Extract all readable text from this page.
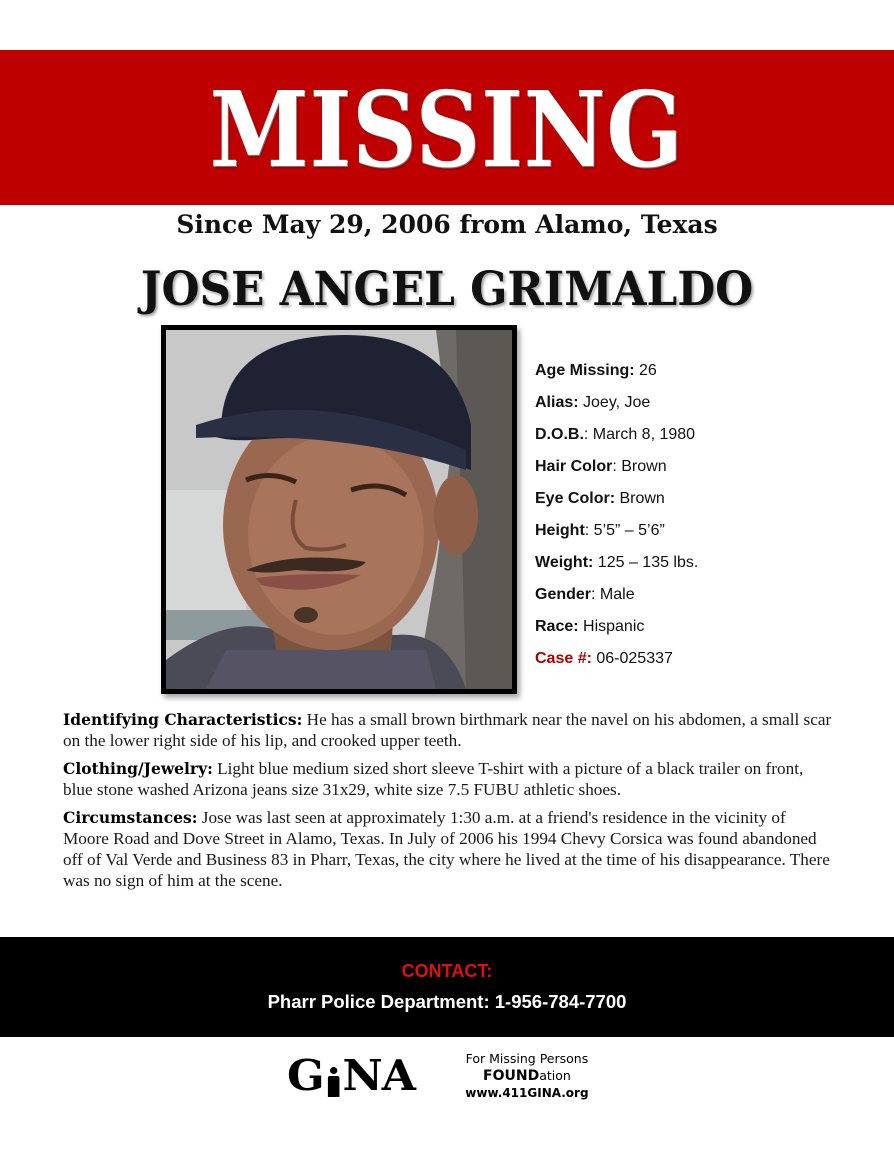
MISSING
Since May 29, 2006 from Alamo, Texas
JOSE ANGEL GRIMALDO
Age Missing: 26
Alias: Joey, Joe
D.O.B.: March 8, 1980
Hair Color: Brown
Eye Color: Brown
Height: 5’5” – 5’6”
Weight: 125 – 135 lbs.
Gender: Male
Race: Hispanic
Case #: 06-025337

Identifying Characteristics: He has a small brown birthmark near the navel on his abdomen, a small scar on the lower right side of his lip, and crooked upper teeth.

Clothing/Jewelry: Light blue medium sized short sleeve T-shirt with a picture of a black trailer on front, blue stone washed Arizona jeans size 31x29, white size 7.5 FUBU athletic shoes.

Circumstances: Jose was last seen at approximately 1:30 a.m. at a friend's residence in the vicinity of Moore Road and Dove Street in Alamo, Texas. In July of 2006 his 1994 Chevy Corsica was found abandoned off of Val Verde and Business 83 in Pharr, Texas, the city where he lived at the time of his disappearance. There was no sign of him at the scene.

CONTACT:
Pharr Police Department: 1-956-784-7700
G NA	For Missing Persons FOUNDation
www.411GINA.org
